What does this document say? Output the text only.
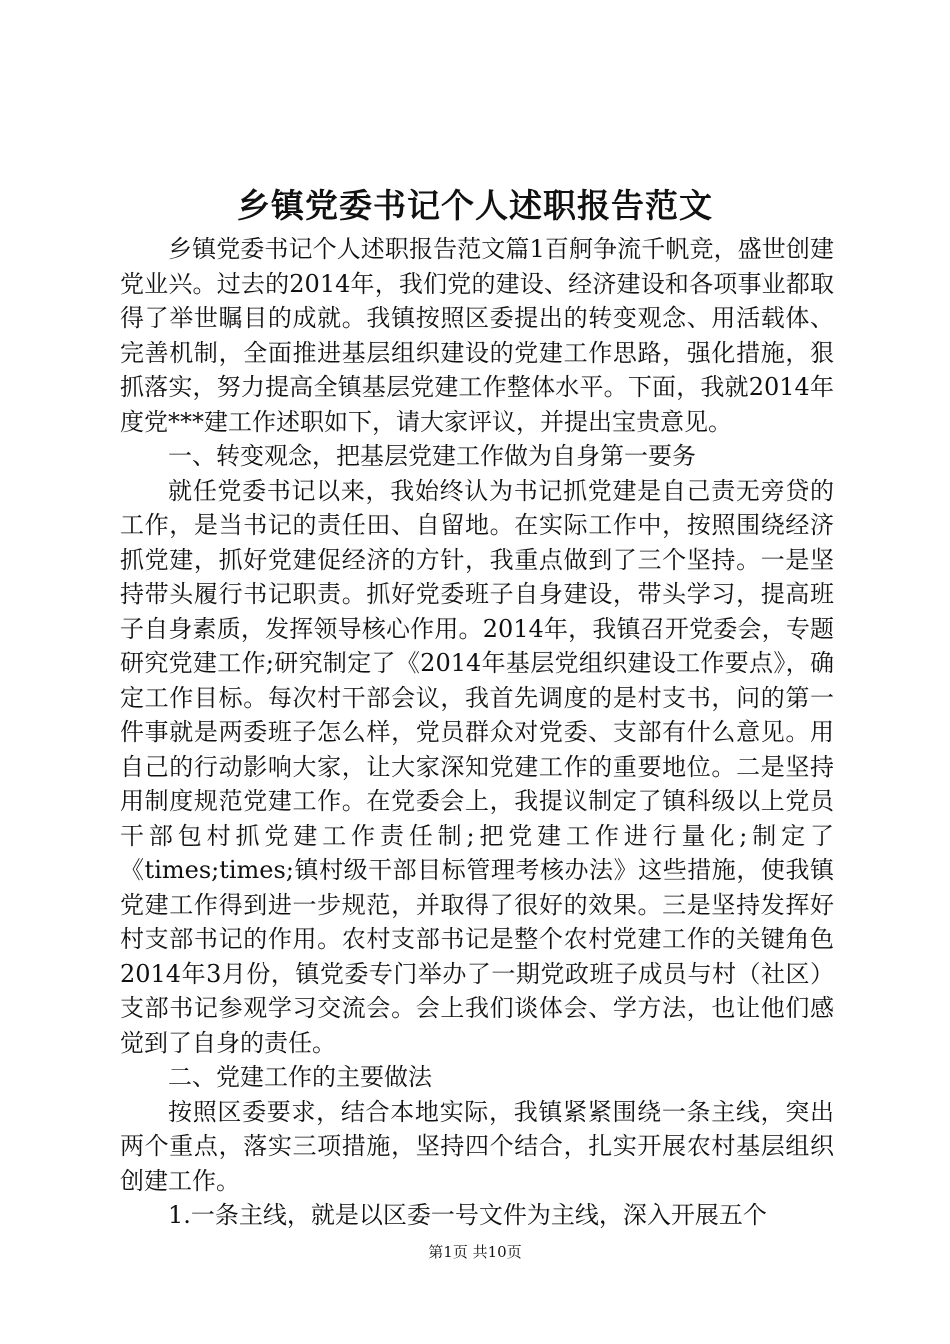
乡镇党委书记个人述职报告范文

乡镇党委书记个人述职报告范文篇1百舸争流千帆竞，盛世创建党业兴。过去的2014年，我们党的建设、经济建设和各项事业都取得了举世瞩目的成就。我镇按照区委提出的转变观念、用活载体、完善机制，全面推进基层组织建设的党建工作思路，强化措施，狠抓落实，努力提高全镇基层党建工作整体水平。下面，我就2014年度党***建工作述职如下，请大家评议，并提出宝贵意见。

一、转变观念，把基层党建工作做为自身第一要务

就任党委书记以来，我始终认为书记抓党建是自己责无旁贷的工作，是当书记的责任田、自留地。在实际工作中，按照围绕经济抓党建，抓好党建促经济的方针，我重点做到了三个坚持。一是坚持带头履行书记职责。抓好党委班子自身建设，带头学习，提高班子自身素质，发挥领导核心作用。2014年，我镇召开党委会，专题研究党建工作;研究制定了《2014年基层党组织建设工作要点》，确定工作目标。每次村干部会议，我首先调度的是村支书，问的第一件事就是两委班子怎么样，党员群众对党委、支部有什么意见。用自己的行动影响大家，让大家深知党建工作的重要地位。二是坚持用制度规范党建工作。在党委会上，我提议制定了镇科级以上党员干部包村抓党建工作责任制;把党建工作进行量化;制定了《times;times;镇村级干部目标管理考核办法》这些措施，使我镇党建工作得到进一步规范，并取得了很好的效果。三是坚持发挥好村支部书记的作用。农村支部书记是整个农村党建工作的关键角色2014年3月份，镇党委专门举办了一期党政班子成员与村（社区）支部书记参观学习交流会。会上我们谈体会、学方法，也让他们感觉到了自身的责任。

二、党建工作的主要做法

按照区委要求，结合本地实际，我镇紧紧围绕一条主线，突出两个重点，落实三项措施，坚持四个结合，扎实开展农村基层组织创建工作。

1.一条主线，就是以区委一号文件为主线，深入开展五个

第1页 共10页
